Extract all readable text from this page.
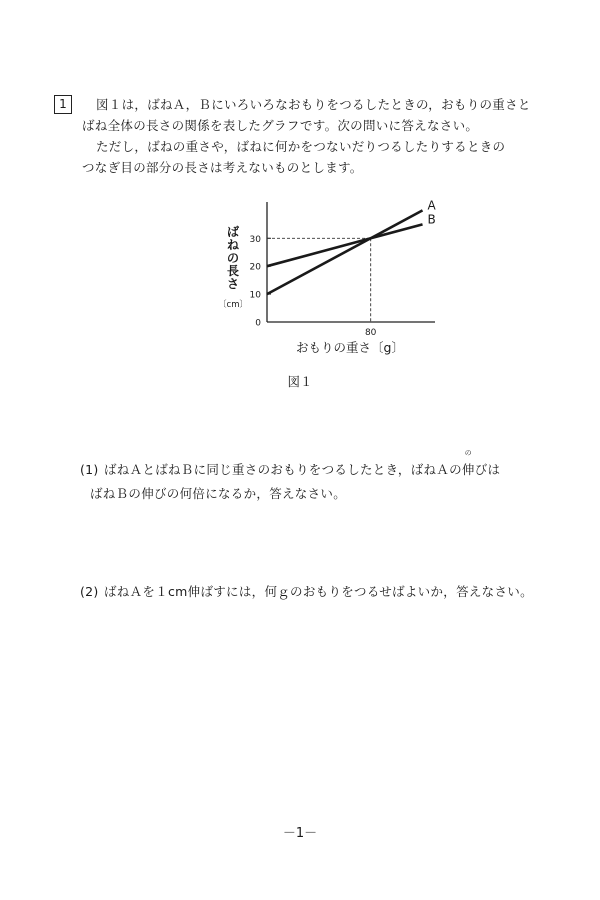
1	図１は，ばねＡ，Ｂにいろいろなおもりをつるしたときの，おもりの重さと

ばね全体の長さの関係を表したグラフです。次の問いに答えなさい。

ただし，ばねの重さや，ばねに何かをつないだりつるしたりするときの

つなぎ目の部分の長さは考えないものとします。

0
10
20
30
80
A
B
ば
ね
の
長
さ
〔cm〕
おもりの重さ〔g〕
図１
(1) ばねＡとばねＢに同じ重さのおもりをつるしたとき，ばねＡの
の
伸びは
ばねＢの伸びの何倍になるか，答えなさい。
(2) ばねＡを１cm伸ばすには，何ｇのおもりをつるせばよいか，答えなさい。
－1－
